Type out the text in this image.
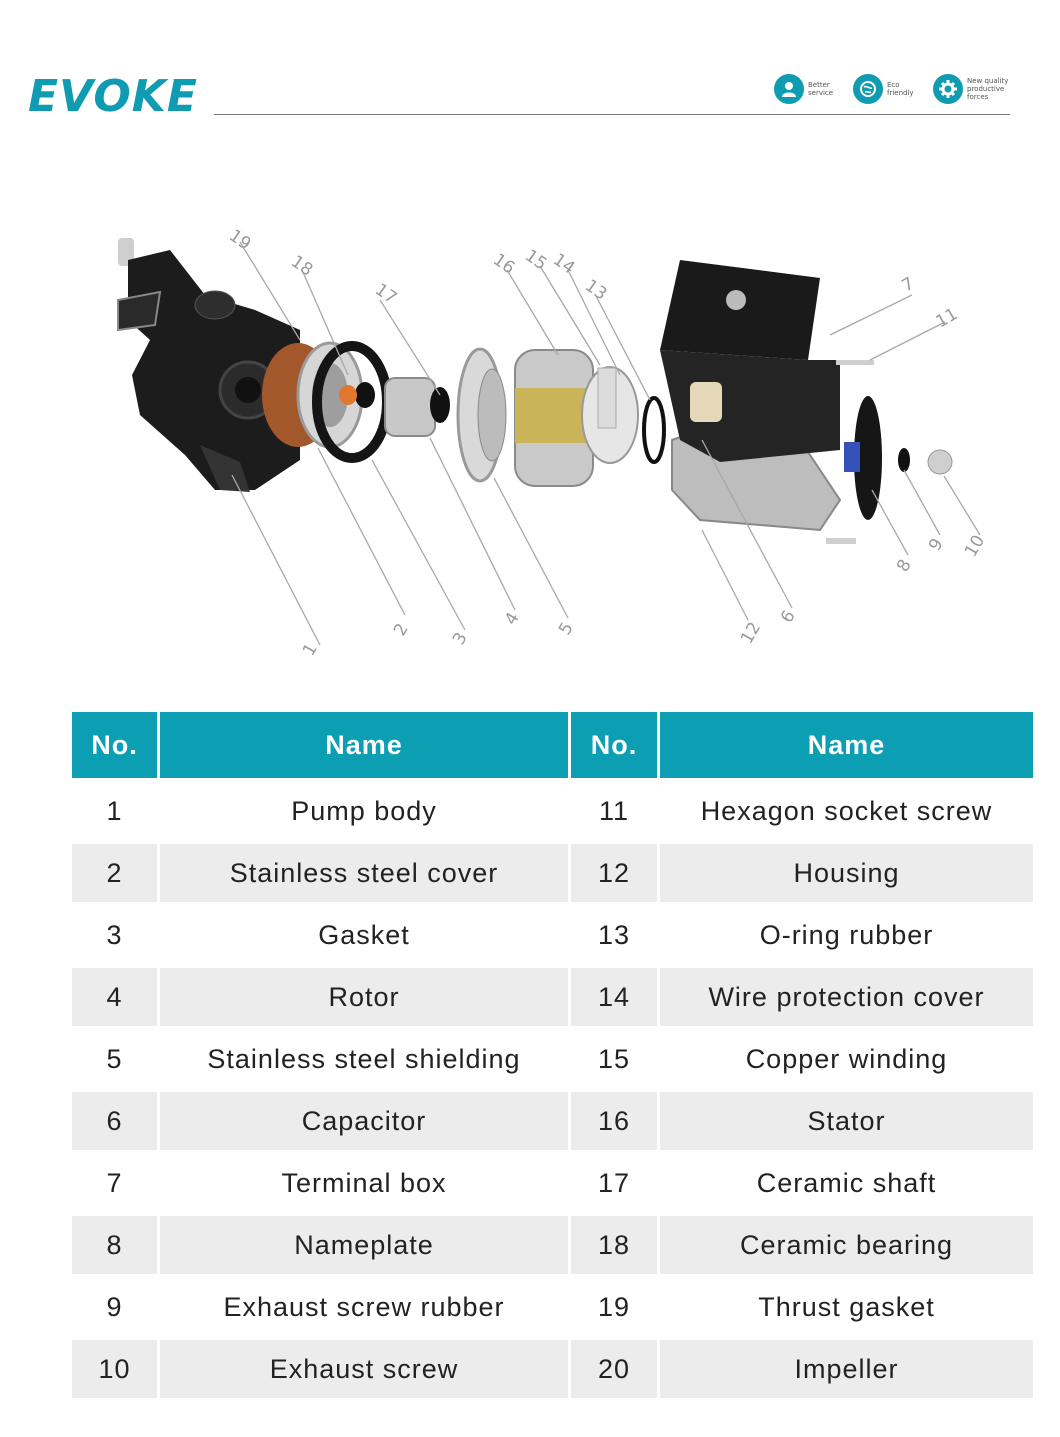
EVOKE	Better
service
Eco
friendly
New quality
productive
forces
19
18
17
16 15
14
13	7
11
1
2 3
4
5	12
6
8
9 10
No.	Name	No.	Name
1	Pump body	11	Hexagon socket screw
2	Stainless steel cover	12	Housing
3	Gasket	13	O-ring rubber
4	Rotor	14	Wire protection cover
5	Stainless steel shielding	15	Copper winding
6	Capacitor	16	Stator
7	Terminal box	17	Ceramic shaft
8	Nameplate	18	Ceramic bearing
9	Exhaust screw rubber	19	Thrust gasket
10	Exhaust screw	20	Impeller
